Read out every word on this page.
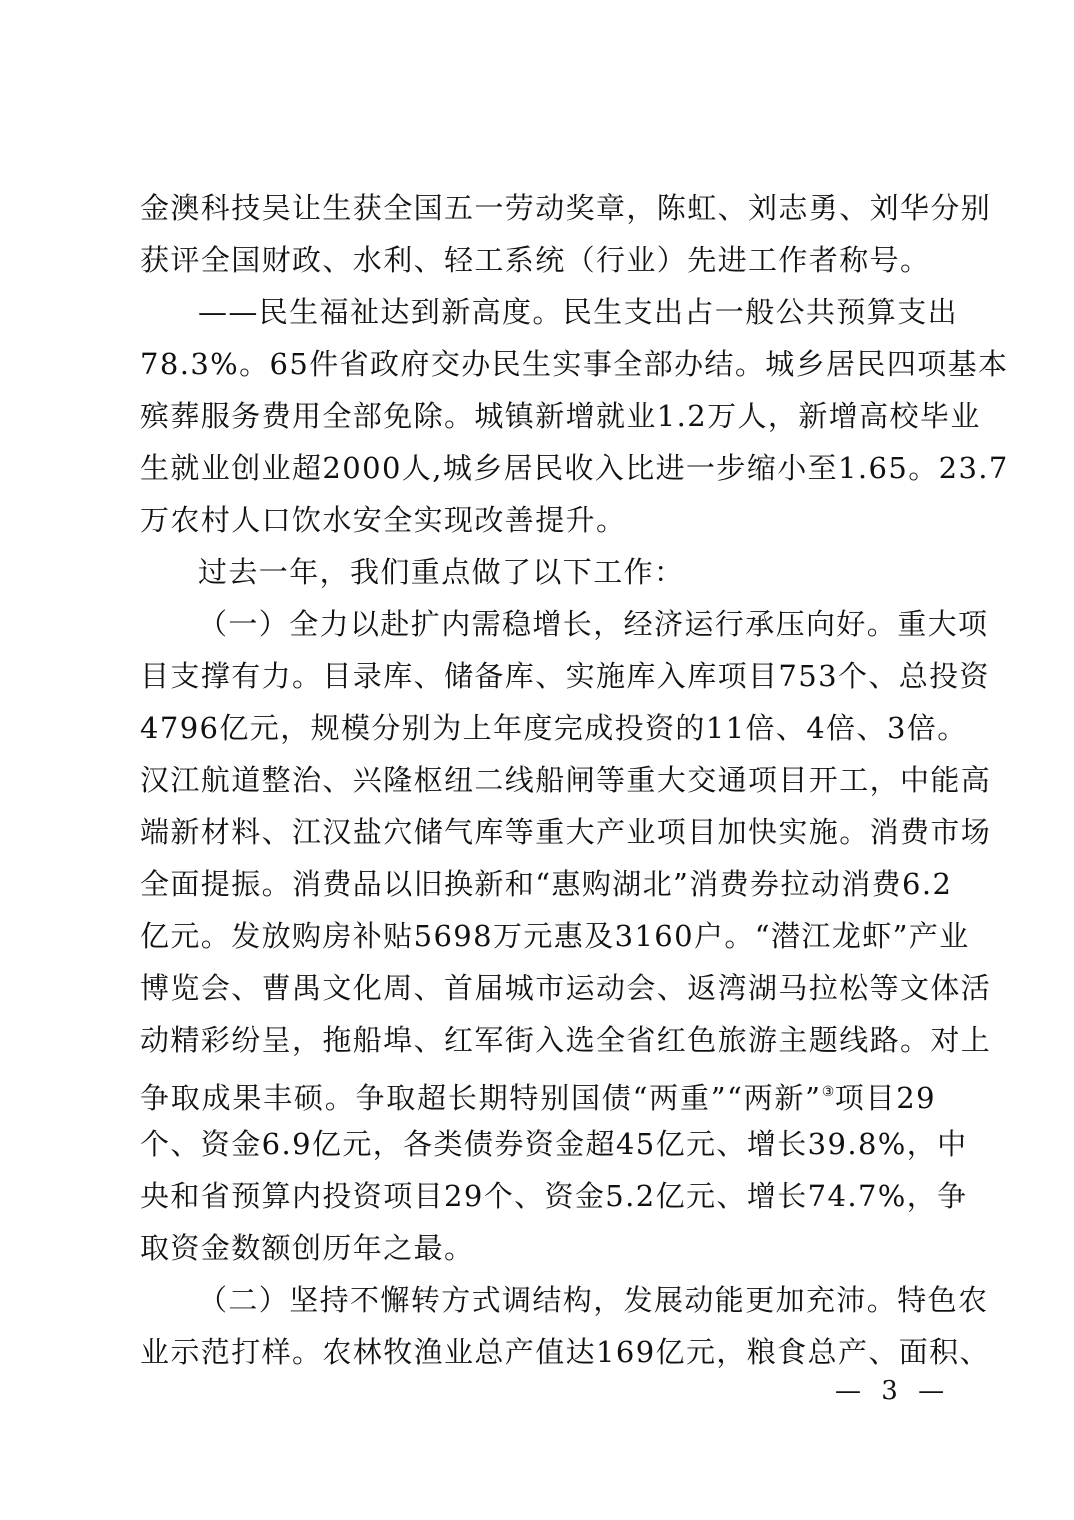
金澳科技吴让生获全国五一劳动奖章，陈虹、刘志勇、刘华分别
获评全国财政、水利、轻工系统（行业）先进工作者称号。
——民生福祉达到新高度。民生支出占一般公共预算支出
78.3%。65件省政府交办民生实事全部办结。城乡居民四项基本
殡葬服务费用全部免除。城镇新增就业1.2万人，新增高校毕业
生就业创业超2000人,城乡居民收入比进一步缩小至1.65。23.7
万农村人口饮水安全实现改善提升。
过去一年，我们重点做了以下工作：
（一）全力以赴扩内需稳增长，经济运行承压向好。重大项
目支撑有力。目录库、储备库、实施库入库项目753个、总投资
4796亿元，规模分别为上年度完成投资的11倍、4倍、3倍。
汉江航道整治、兴隆枢纽二线船闸等重大交通项目开工，中能高
端新材料、江汉盐穴储气库等重大产业项目加快实施。消费市场
全面提振。消费品以旧换新和“惠购湖北”消费券拉动消费6.2
亿元。发放购房补贴5698万元惠及3160户。“潜江龙虾”产业
博览会、曹禺文化周、首届城市运动会、返湾湖马拉松等文体活
动精彩纷呈，拖船埠、红军街入选全省红色旅游主题线路。对上
争取成果丰硕。争取超长期特别国债“两重”“两新”③项目29
个、资金6.9亿元，各类债券资金超45亿元、增长39.8%，中
央和省预算内投资项目29个、资金5.2亿元、增长74.7%，争
取资金数额创历年之最。
（二）坚持不懈转方式调结构，发展动能更加充沛。特色农
业示范打样。农林牧渔业总产值达169亿元，粮食总产、面积、
— 3 —
